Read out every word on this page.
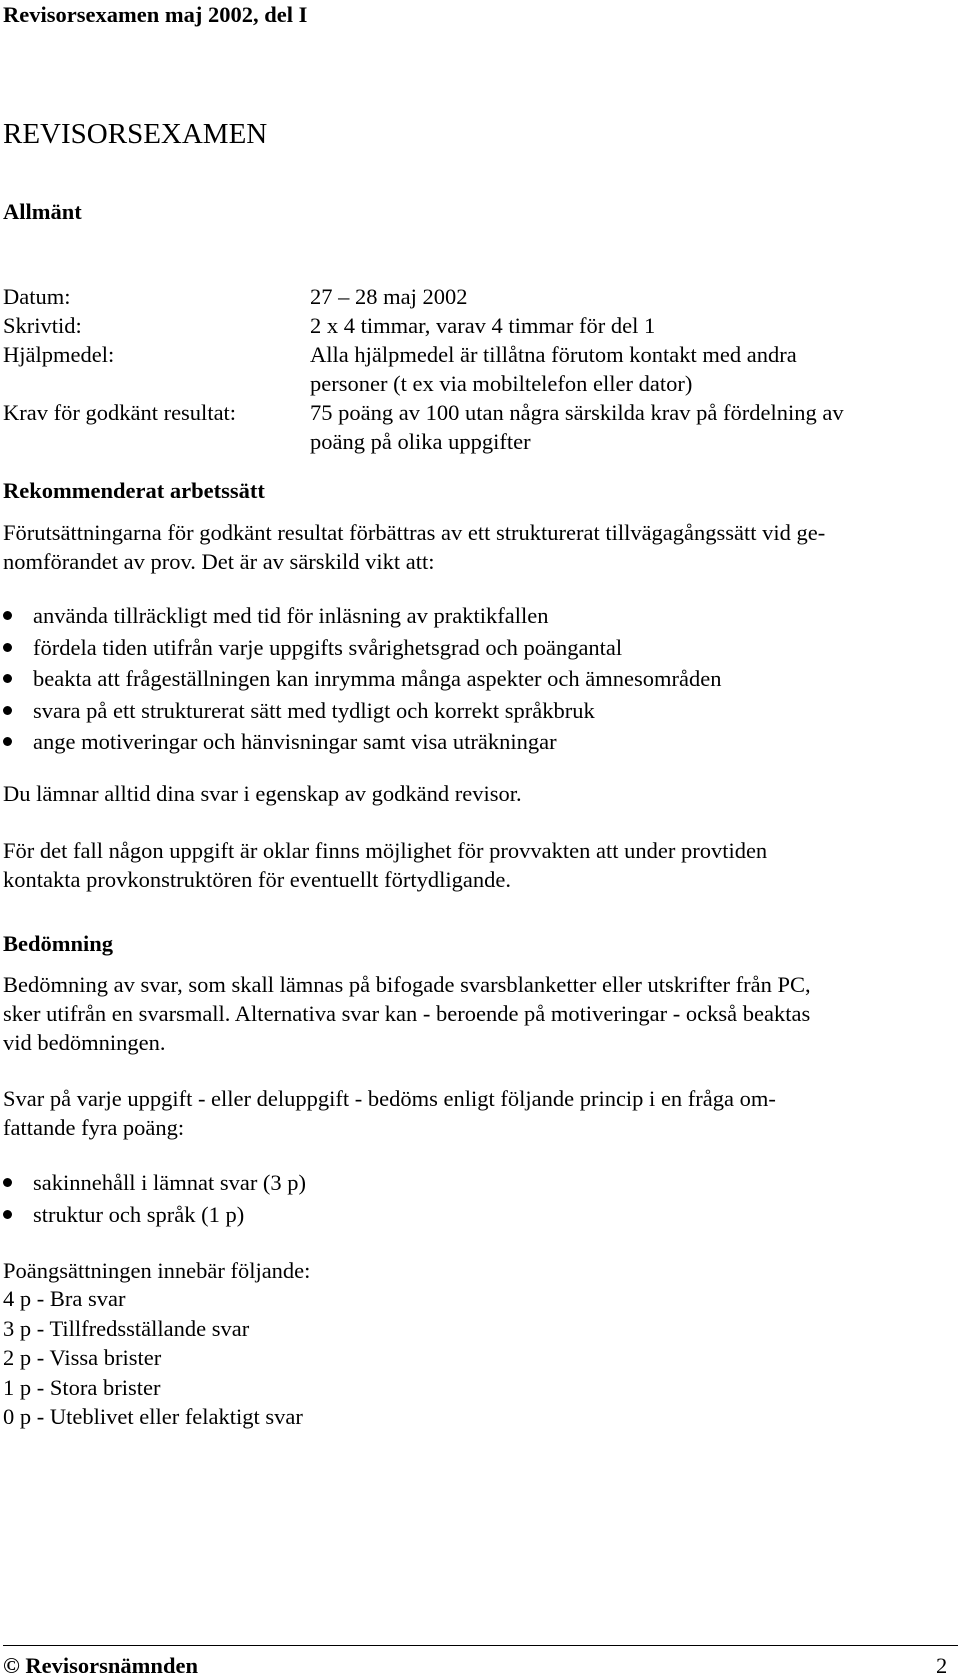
Revisorsexamen maj 2002, del I
REVISORSEXAMEN
Allmänt
Datum:	27 – 28 maj 2002
Skrivtid:	2 x 4 timmar, varav 4 timmar för del 1
Hjälpmedel:	Alla hjälpmedel är tillåtna förutom kontakt med andra
personer (t ex via mobiltelefon eller dator)
Krav för godkänt resultat:	75 poäng av 100 utan några särskilda krav på fördelning av
poäng på olika uppgifter
Rekommenderat arbetssätt
Förutsättningarna för godkänt resultat förbättras av ett strukturerat tillvägagångssätt vid ge-
nomförandet av prov. Det är av särskild vikt att:
använda tillräckligt med tid för inläsning av praktikfallen
fördela tiden utifrån varje uppgifts svårighetsgrad och poängantal
beakta att frågeställningen kan inrymma många aspekter och ämnesområden
svara på ett strukturerat sätt med tydligt och korrekt språkbruk
ange motiveringar och hänvisningar samt visa uträkningar
Du lämnar alltid dina svar i egenskap av godkänd revisor.
För det fall någon uppgift är oklar finns möjlighet för provvakten att under provtiden
kontakta provkonstruktören för eventuellt förtydligande.
Bedömning
Bedömning av svar, som skall lämnas på bifogade svarsblanketter eller utskrifter från PC,
sker utifrån en svarsmall. Alternativa svar kan - beroende på motiveringar - också beaktas
vid bedömningen.
Svar på varje uppgift - eller deluppgift - bedöms enligt följande princip i en fråga om-
fattande fyra poäng:
sakinnehåll i lämnat svar (3 p)
struktur och språk (1 p)
Poängsättningen innebär följande:
4 p - Bra svar
3 p - Tillfredsställande svar
2 p - Vissa brister
1 p - Stora brister
0 p - Uteblivet eller felaktigt svar
© Revisorsnämnden	2
